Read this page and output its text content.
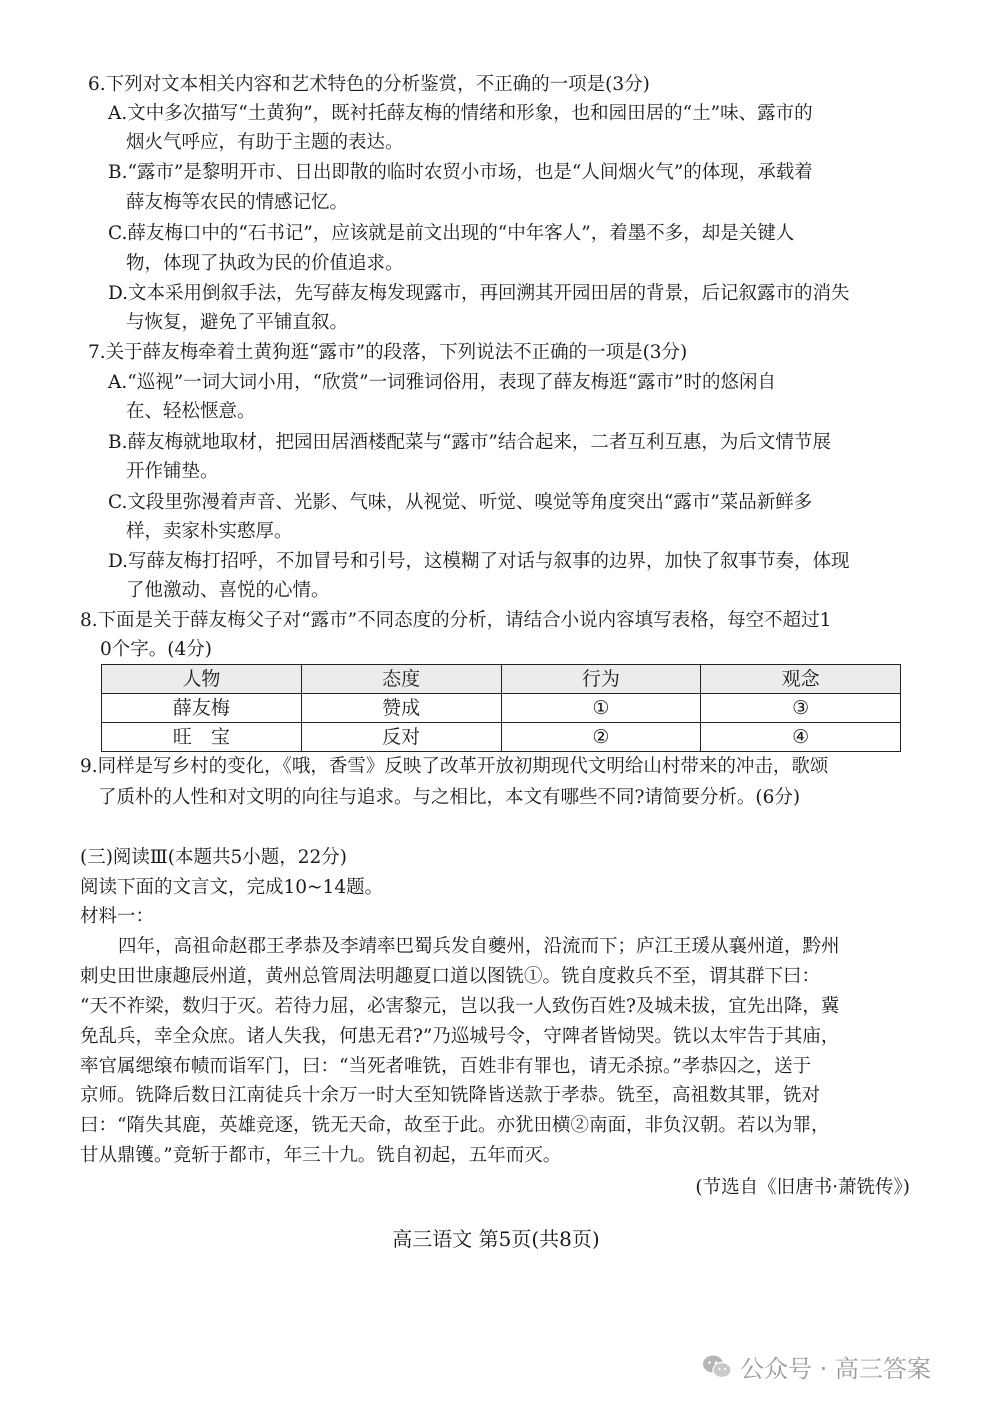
6.下列对文本相关内容和艺术特色的分析鉴赏，不正确的一项是(3分)
A.文中多次描写“土黄狗”，既衬托薛友梅的情绪和形象，也和园田居的“土”味、露市的
烟火气呼应，有助于主题的表达。
B.“露市”是黎明开市、日出即散的临时农贸小市场，也是“人间烟火气”的体现，承载着
薛友梅等农民的情感记忆。
C.薛友梅口中的“石书记”，应该就是前文出现的“中年客人”，着墨不多，却是关键人
物，体现了执政为民的价值追求。
D.文本采用倒叙手法，先写薛友梅发现露市，再回溯其开园田居的背景，后记叙露市的消失
与恢复，避免了平铺直叙。
7.关于薛友梅牵着土黄狗逛“露市”的段落，下列说法不正确的一项是(3分)
A.“巡视”一词大词小用，“欣赏”一词雅词俗用，表现了薛友梅逛“露市”时的悠闲自
在、轻松惬意。
B.薛友梅就地取材，把园田居酒楼配菜与“露市”结合起来，二者互利互惠，为后文情节展
开作铺垫。
C.文段里弥漫着声音、光影、气味，从视觉、听觉、嗅觉等角度突出“露市”菜品新鲜多
样，卖家朴实憨厚。
D.写薛友梅打招呼，不加冒号和引号，这模糊了对话与叙事的边界，加快了叙事节奏，体现
了他激动、喜悦的心情。
8.下面是关于薛友梅父子对“露市”不同态度的分析，请结合小说内容填写表格，每空不超过1
0个字。(4分)
人物	态度	行为	观念
薛友梅	赞成	①	③
旺　宝	反对	②	④
9.同样是写乡村的变化，《哦，香雪》反映了改革开放初期现代文明给山村带来的冲击，歌颂
了质朴的人性和对文明的向往与追求。与之相比，本文有哪些不同?请简要分析。(6分)
(三)阅读Ⅲ(本题共5小题，22分)
阅读下面的文言文，完成10~14题。
材料一：
四年，高祖命赵郡王孝恭及李靖率巴蜀兵发自夔州，沿流而下；庐江王瑗从襄州道，黔州
刺史田世康趣辰州道，黄州总管周法明趣夏口道以图铣①。铣自度救兵不至，谓其群下曰：
“天不祚梁，数归于灭。若待力屈，必害黎元，岂以我一人致伤百姓?及城未拔，宜先出降，冀
免乱兵，幸全众庶。诸人失我，何患无君?”乃巡城号令，守陴者皆恸哭。铣以太牢告于其庙，
率官属缌缞布帻而诣军门，曰：“当死者唯铣，百姓非有罪也，请无杀掠。”孝恭囚之，送于
京师。铣降后数日江南徒兵十余万一时大至知铣降皆送款于孝恭。铣至，高祖数其罪，铣对
曰：“隋失其鹿，英雄竞逐，铣无天命，故至于此。亦犹田横②南面，非负汉朝。若以为罪，
甘从鼎镬。”竟斩于都市，年三十九。铣自初起，五年而灭。
(节选自《旧唐书·萧铣传》)
高三语文 第5页(共8页)
公众号 · 高三答案
